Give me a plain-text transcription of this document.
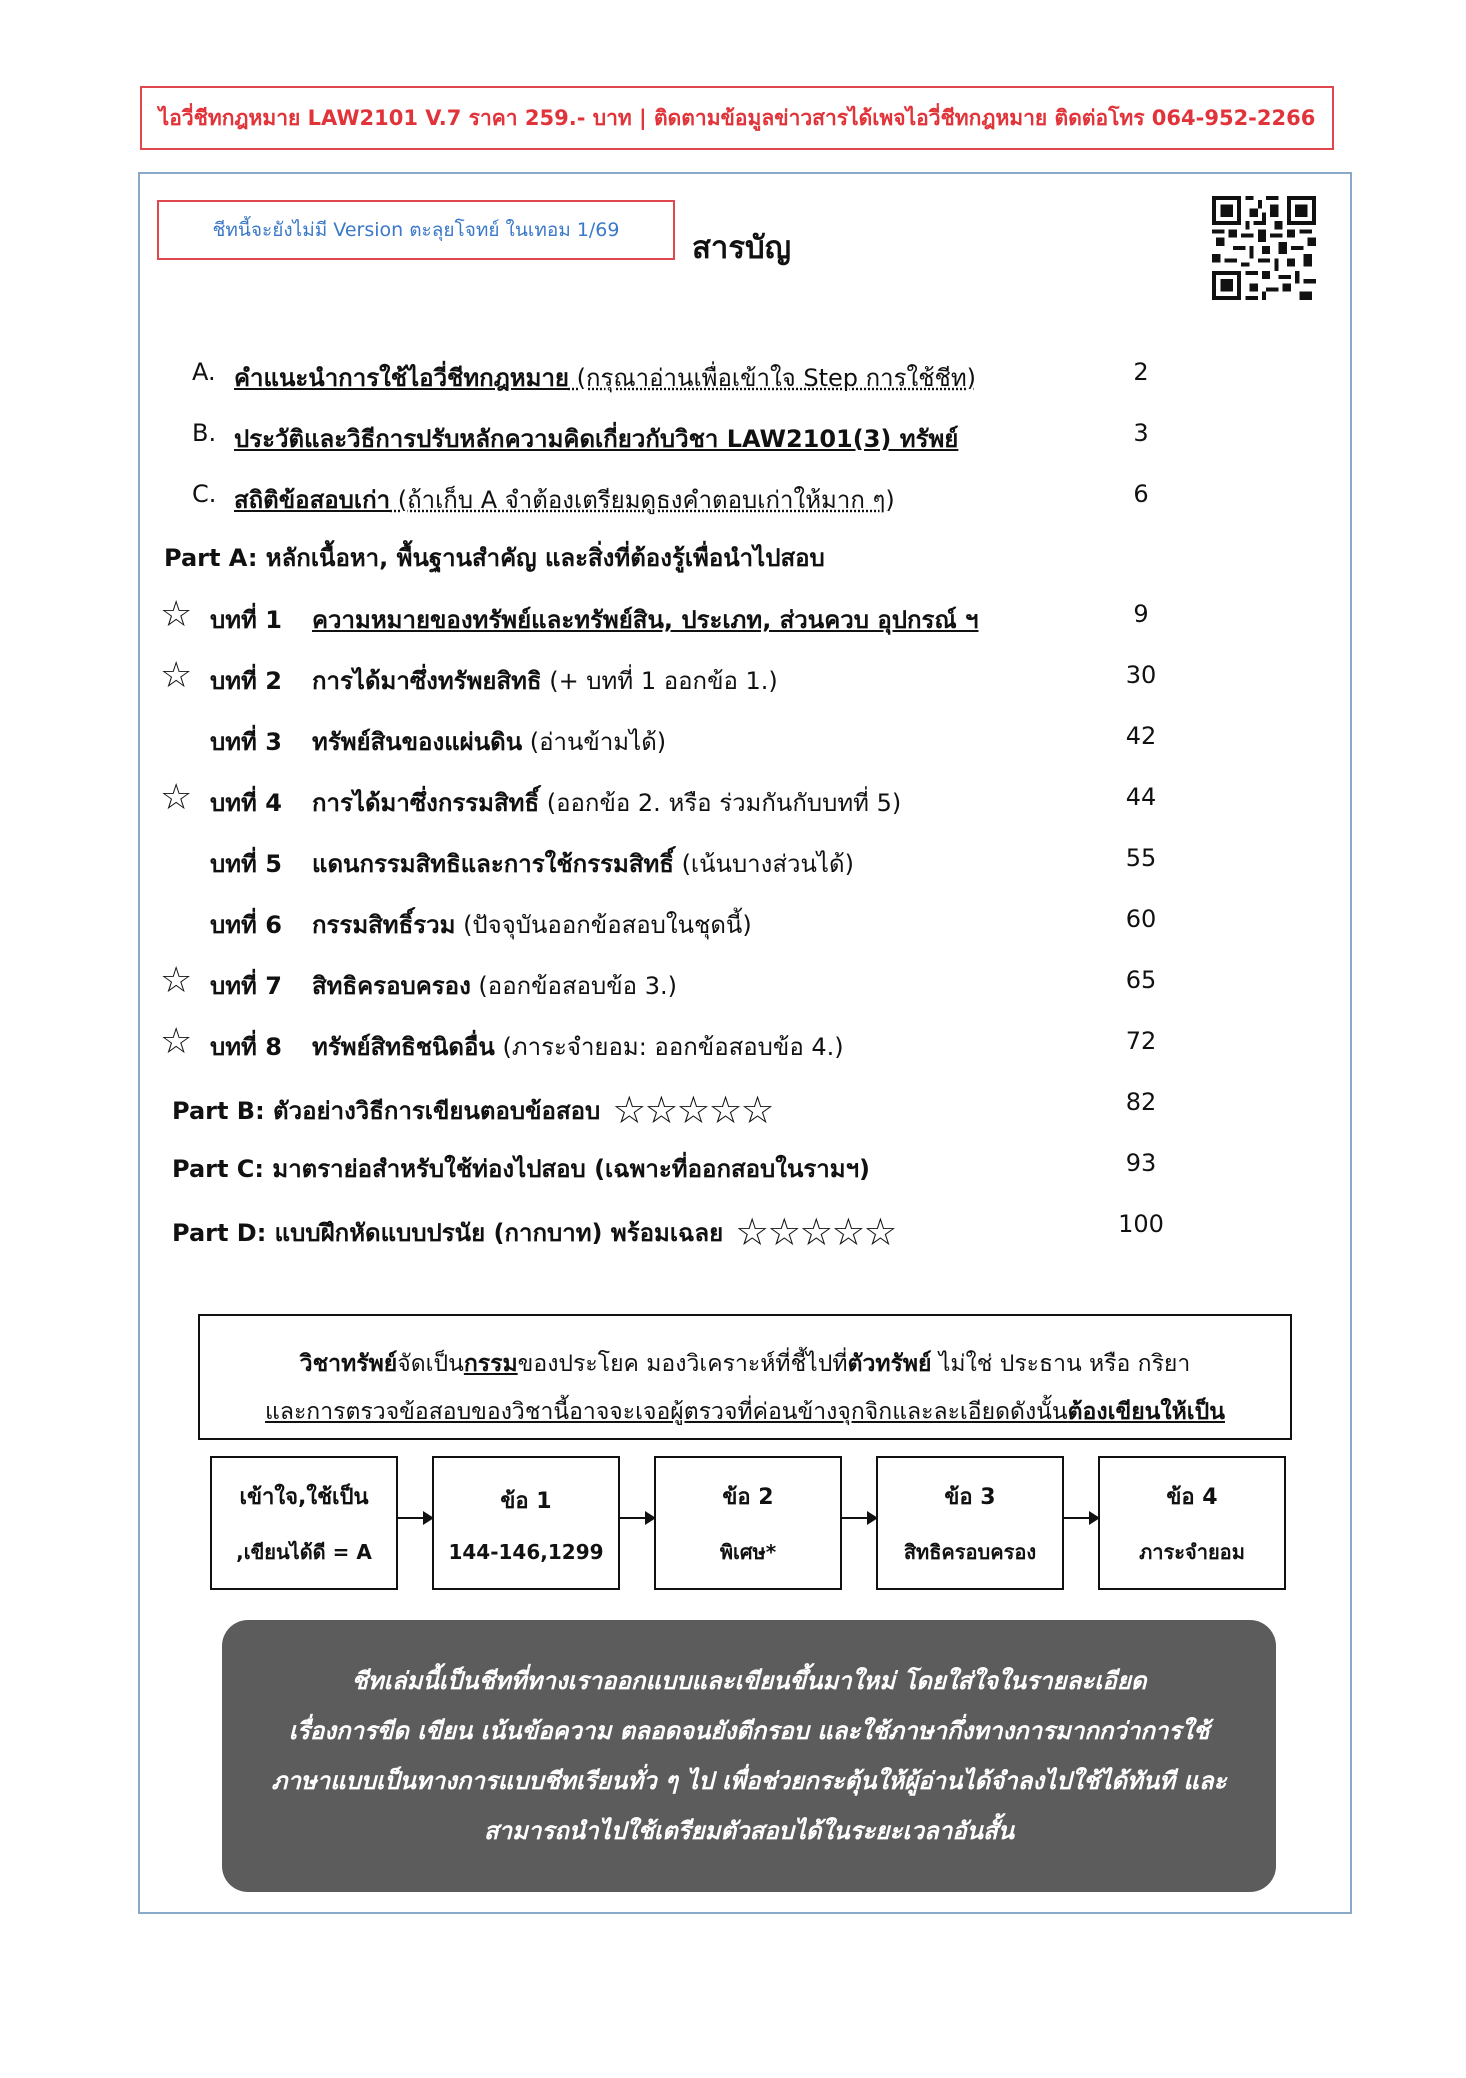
ไอวี่ชีทกฎหมาย LAW2101 V.7 ราคา 259.- บาท | ติดตามข้อมูลข่าวสารได้เพจไอวี่ชีทกฎหมาย ติดต่อโทร 064-952-2266
ชีทนี้จะยังไม่มี Version ตะลุยโจทย์ ในเทอม 1/69	สารบัญ
A. คำแนะนำการใช้ไอวี่ชีทกฎหมาย (กรุณาอ่านเพื่อเข้าใจ Step การใช้ชีท)	2
B. ประวัติและวิธีการปรับหลักความคิดเกี่ยวกับวิชา LAW2101(3) ทรัพย์	3
C. สถิติข้อสอบเก่า (ถ้าเก็บ A จำต้องเตรียมดูธงคำตอบเก่าให้มาก ๆ)	6
Part A: หลักเนื้อหา, พื้นฐานสำคัญ และสิ่งที่ต้องรู้เพื่อนำไปสอบ
☆ บทที่ 1 ความหมายของทรัพย์และทรัพย์สิน, ประเภท, ส่วนควบ อุปกรณ์ ฯ	9
☆ บทที่ 2 การได้มาซึ่งทรัพยสิทธิ (+ บทที่ 1 ออกข้อ 1.)	30
บทที่ 3 ทรัพย์สินของแผ่นดิน (อ่านข้ามได้)	42
☆ บทที่ 4 การได้มาซึ่งกรรมสิทธิ์ (ออกข้อ 2. หรือ ร่วมกันกับบทที่ 5)	44
บทที่ 5 แดนกรรมสิทธิและการใช้กรรมสิทธิ์ (เน้นบางส่วนได้)	55
บทที่ 6 กรรมสิทธิ์รวม (ปัจจุบันออกข้อสอบในชุดนี้)	60
☆ บทที่ 7 สิทธิครอบครอง (ออกข้อสอบข้อ 3.)	65
☆ บทที่ 8 ทรัพย์สิทธิชนิดอื่น (ภาระจำยอม: ออกข้อสอบข้อ 4.)	72
Part B: ตัวอย่างวิธีการเขียนตอบข้อสอบ ☆☆☆☆☆	82
Part C: มาตราย่อสำหรับใช้ท่องไปสอบ (เฉพาะที่ออกสอบในรามฯ)	93
Part D: แบบฝึกหัดแบบปรนัย (กากบาท) พร้อมเฉลย ☆☆☆☆☆	100
วิชาทรัพย์จัดเป็นกรรมของประโยค มองวิเคราะห์ที่ชี้ไปที่ตัวทรัพย์ ไม่ใช่ ประธาน หรือ กริยา
และการตรวจข้อสอบของวิชานี้อาจจะเจอผู้ตรวจที่ค่อนข้างจุกจิกและละเอียดดังนั้นต้องเขียนให้เป็น
เข้าใจ,ใช้เป็น
,เขียนได้ดี = A
ข้อ 1
144-146,1299
ข้อ 2
พิเศษ*
ข้อ 3
สิทธิครอบครอง
ข้อ 4
ภาระจำยอม
ชีทเล่มนี้เป็นชีทที่ทางเราออกแบบและเขียนขึ้นมาใหม่ โดยใส่ใจในรายละเอียด
เรื่องการขีด เขียน เน้นข้อความ ตลอดจนยังตีกรอบ และใช้ภาษากึ่งทางการมากกว่าการใช้
ภาษาแบบเป็นทางการแบบชีทเรียนทั่ว ๆ ไป เพื่อช่วยกระตุ้นให้ผู้อ่านได้จำลงไปใช้ได้ทันที และ
สามารถนำไปใช้เตรียมตัวสอบได้ในระยะเวลาอันสั้น
